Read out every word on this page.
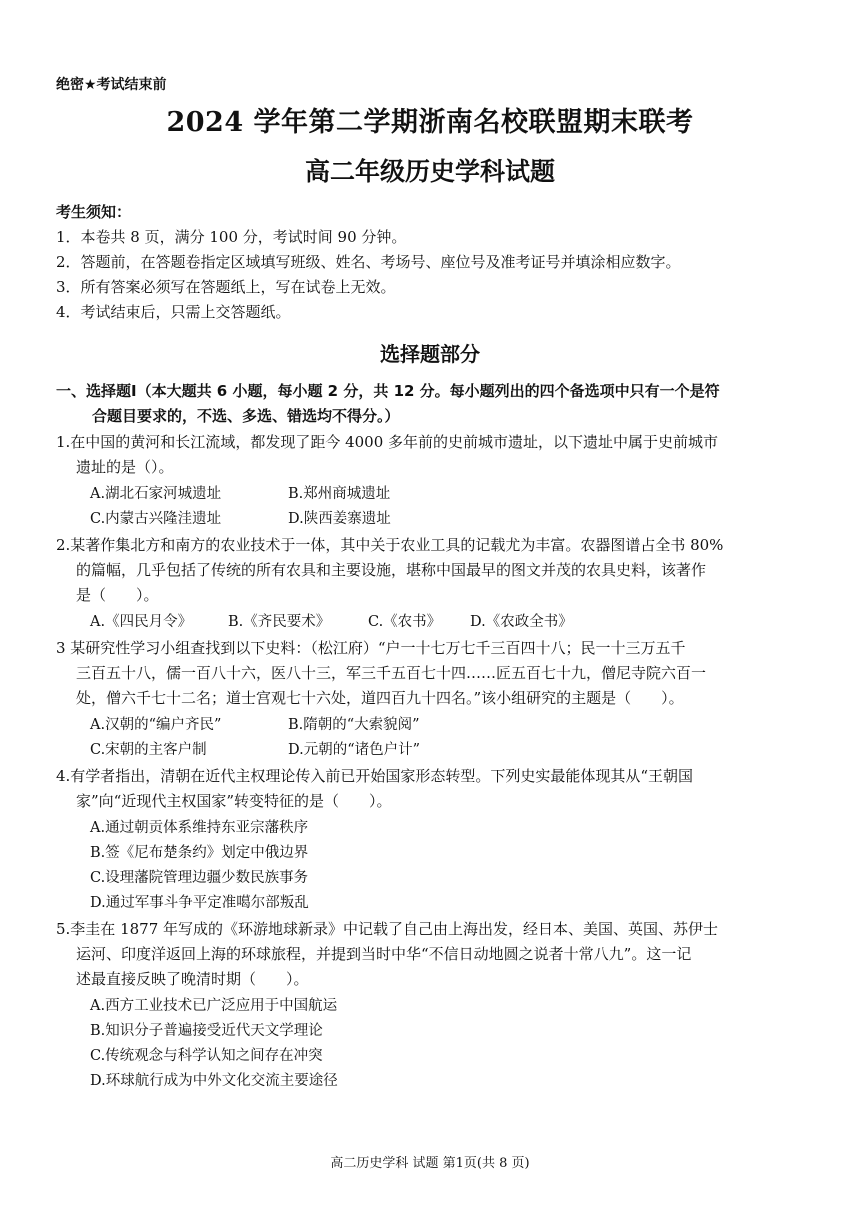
绝密★考试结束前
2024 学年第二学期浙南名校联盟期末联考
高二年级历史学科试题
考生须知：
1．本卷共 8 页，满分 100 分，考试时间 90 分钟。
2．答题前，在答题卷指定区域填写班级、姓名、考场号、座位号及准考证号并填涂相应数字。
3．所有答案必须写在答题纸上，写在试卷上无效。
4．考试结束后，只需上交答题纸。
选择题部分
一、选择题Ⅰ（本大题共 6 小题，每小题 2 分，共 12 分。每小题列出的四个备选项中只有一个是符
合题目要求的，不选、多选、错选均不得分。）
1.在中国的黄河和长江流域，都发现了距今 4000 多年前的史前城市遗址，以下遗址中属于史前城市
遗址的是（）。
A.湖北石家河城遗址	B.郑州商城遗址
C.内蒙古兴隆洼遗址	D.陕西姜寨遗址
2.某著作集北方和南方的农业技术于一体，其中关于农业工具的记载尤为丰富。农器图谱占全书 80%
的篇幅，几乎包括了传统的所有农具和主要设施，堪称中国最早的图文并茂的农具史料，该著作
是（　　）。
A.《四民月令》 B.《齐民要术》	C.《农书》 D.《农政全书》
3 某研究性学习小组查找到以下史料：（松江府）“户一十七万七千三百四十八；民一十三万五千
三百五十八，儒一百八十六，医八十三，军三千五百七十四……匠五百七十九，僧尼寺院六百一
处，僧六千七十二名；道士宫观七十六处，道四百九十四名。”该小组研究的主题是（　　）。
A.汉朝的“编户齐民”	B.隋朝的“大索貌阅”
C.宋朝的主客户制	D.元朝的“诸色户计”
4.有学者指出，清朝在近代主权理论传入前已开始国家形态转型。下列史实最能体现其从“王朝国
家”向“近现代主权国家”转变特征的是（　　）。
A.通过朝贡体系维持东亚宗藩秩序
B.签《尼布楚条约》划定中俄边界
C.设理藩院管理边疆少数民族事务
D.通过军事斗争平定准噶尔部叛乱
5.李圭在 1877 年写成的《环游地球新录》中记载了自己由上海出发，经日本、美国、英国、苏伊士
运河、印度洋返回上海的环球旅程，并提到当时中华“不信日动地圆之说者十常八九”。这一记
述最直接反映了晚清时期（　　）。
A.西方工业技术已广泛应用于中国航运
B.知识分子普遍接受近代天文学理论
C.传统观念与科学认知之间存在冲突
D.环球航行成为中外文化交流主要途径
高二历史学科 试题 第1页(共 8 页)
